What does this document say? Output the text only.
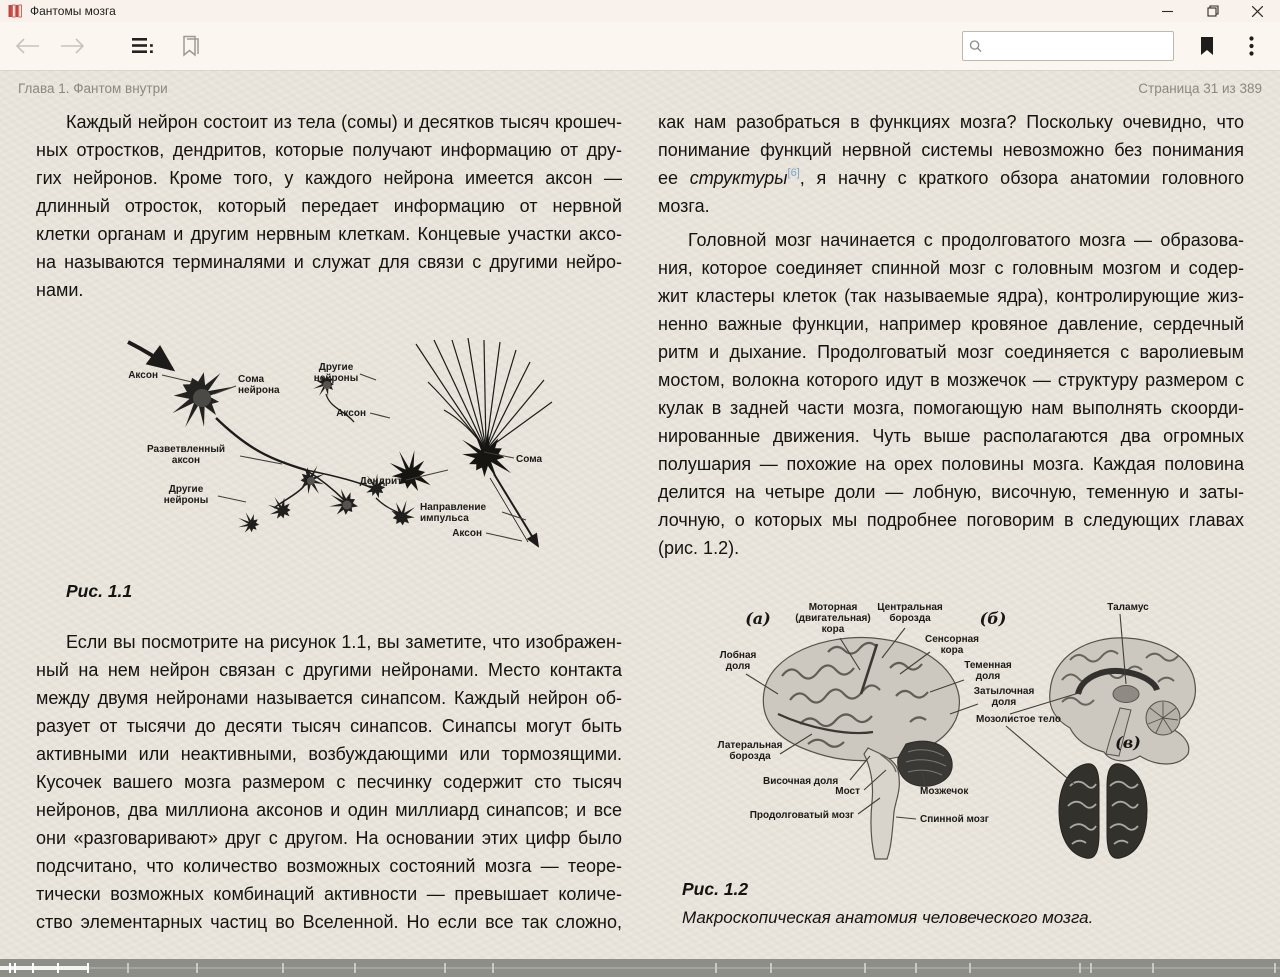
Фантомы мозга
Глава 1. Фантом внутри	Страница 31 из 389
Каждый нейрон состоит из тела (сомы) и десятков тысяч крошеч-
ных отростков, дендритов, которые получают информацию от дру-
гих нейронов. Кроме того, у каждого нейрона имеется аксон —
длинный отросток, который передает информацию от нервной
клетки органам и другим нервным клеткам. Концевые участки аксо-
на называются терминалями и служат для связи с другими нейро-
нами.
Аксон	Сома нейрона
Разветвленный аксон
Другие нейроны
Другие нейроны
Аксон
Сома
Дендрит
Направление импульса
Аксон
Рис. 1.1
Если вы посмотрите на рисунок 1.1, вы заметите, что изображен-
ный на нем нейрон связан с другими нейронами. Место контакта
между двумя нейронами называется синапсом. Каждый нейрон об-
разует от тысячи до десяти тысяч синапсов. Синапсы могут быть
активными или неактивными, возбуждающими или тормозящими.
Кусочек вашего мозга размером с песчинку содержит сто тысяч
нейронов, два миллиона аксонов и один миллиард синапсов; и все
они «разговаривают» друг с другом. На основании этих цифр было
подсчитано, что количество возможных состояний мозга — теоре-
тически возможных комбинаций активности — превышает количе-
ство элементарных частиц во Вселенной. Но если все так сложно,
как нам разобраться в функциях мозга? Поскольку очевидно, что
понимание функций нервной системы невозможно без понимания
ее структуры[6], я начну с краткого обзора анатомии головного
мозга.
Головной мозг начинается с продолговатого мозга — образова-
ния, которое соединяет спинной мозг с головным мозгом и содер-
жит кластеры клеток (так называемые ядра), контролирующие жиз-
ненно важные функции, например кровяное давление, сердечный
ритм и дыхание. Продолговатый мозг соединяется с варолиевым
мостом, волокна которого идут в мозжечок — структуру размером с
кулак в задней части мозга, помогающую нам выполнять скоорди-
нированные движения. Чуть выше располагаются два огромных
полушария — похожие на орех половины мозга. Каждая половина
делится на четыре доли — лобную, височную, теменную и заты-
лочную, о которых мы подробнее поговорим в следующих главах
(рис. 1.2).
(а)
Лобная доля
Моторная (двигательная) кора
Центральная борозда
Сенсорная кора
Теменная доля
Затылочная доля
Латеральная борозда
Височная доля
Мост	Мозжечок
Продолговатый мозг	Спинной мозг
(б)
Таламус
Мозолистое тело
(в)
Рис. 1.2
Макроскопическая анатомия человеческого мозга.
